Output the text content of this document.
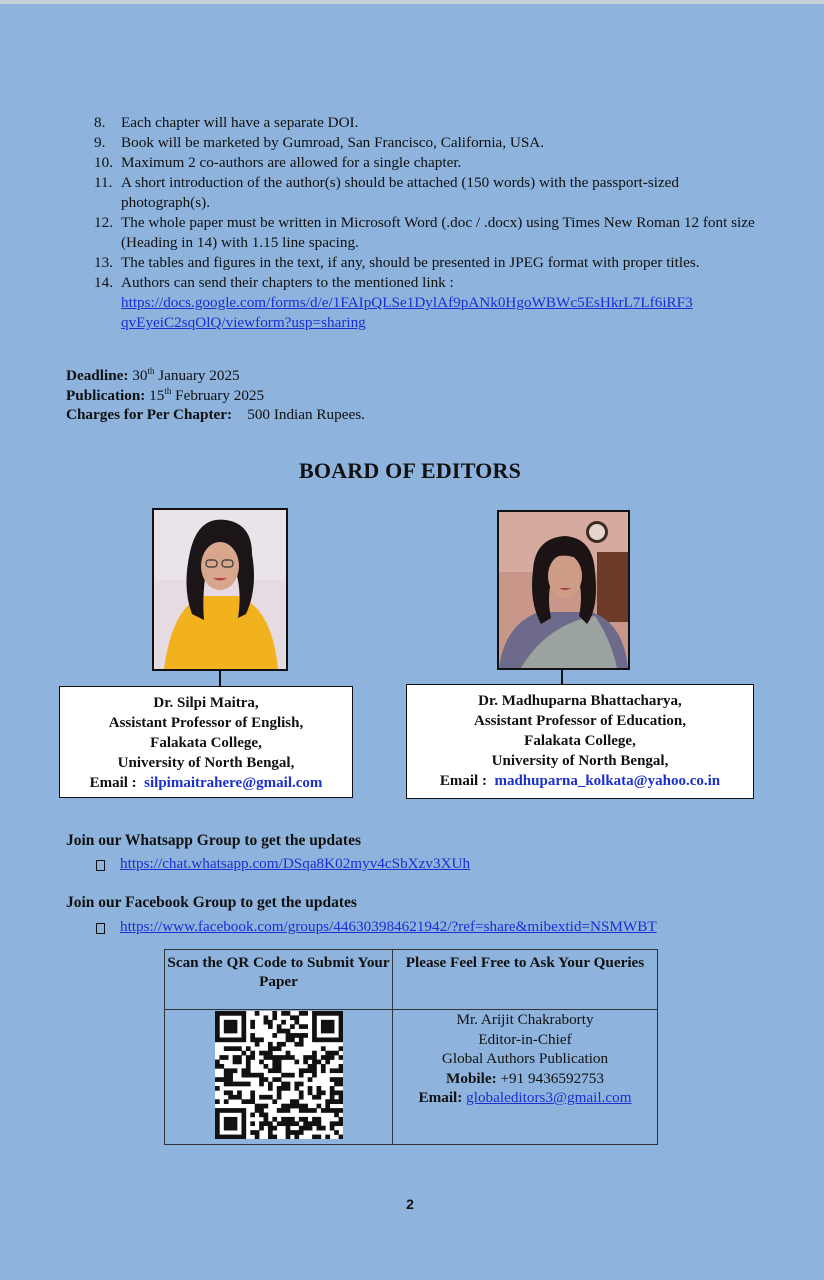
8.	Each chapter will have a separate DOI.
9.	Book will be marketed by Gumroad, San Francisco, California, USA.
10. Maximum 2 co-authors are allowed for a single chapter.
11. A short introduction of the author(s) should be attached (150 words) with the passport-sized photograph(s).
12. The whole paper must be written in Microsoft Word (.doc / .docx) using Times New Roman 12 font size (Heading in 14) with 1.15 line spacing.
13. The tables and figures in the text, if any, should be presented in JPEG format with proper titles.
14. Authors can send their chapters to the mentioned link :
https://docs.google.com/forms/d/e/1FAIpQLSe1DylAf9pANk0HgoWBWc5EsHkrL7Lf6iRF3
qvEyeiC2sqOlQ/viewform?usp=sharing
Deadline: 30th January 2025
Publication: 15th February 2025
Charges for Per Chapter: 500 Indian Rupees.
BOARD OF EDITORS
Dr. Silpi Maitra,
Assistant Professor of English,
Falakata College,
University of North Bengal,
Email : silpimaitrahere@gmail.com
Dr. Madhuparna Bhattacharya,
Assistant Professor of Education,
Falakata College,
University of North Bengal,
Email : madhuparna_kolkata@yahoo.co.in
Join our Whatsapp Group to get the updates
https://chat.whatsapp.com/DSqa8K02myv4cSbXzv3XUh
Join our Facebook Group to get the updates
https://www.facebook.com/groups/446303984621942/?ref=share&mibextid=NSMWBT
Scan the QR Code to Submit Your Paper	Please Feel Free to Ask Your Queries

Mr. Arijit Chakraborty
Editor-in-Chief
Global Authors Publication
Mobile: +91 9436592753
Email: globaleditors3@gmail.com
2
